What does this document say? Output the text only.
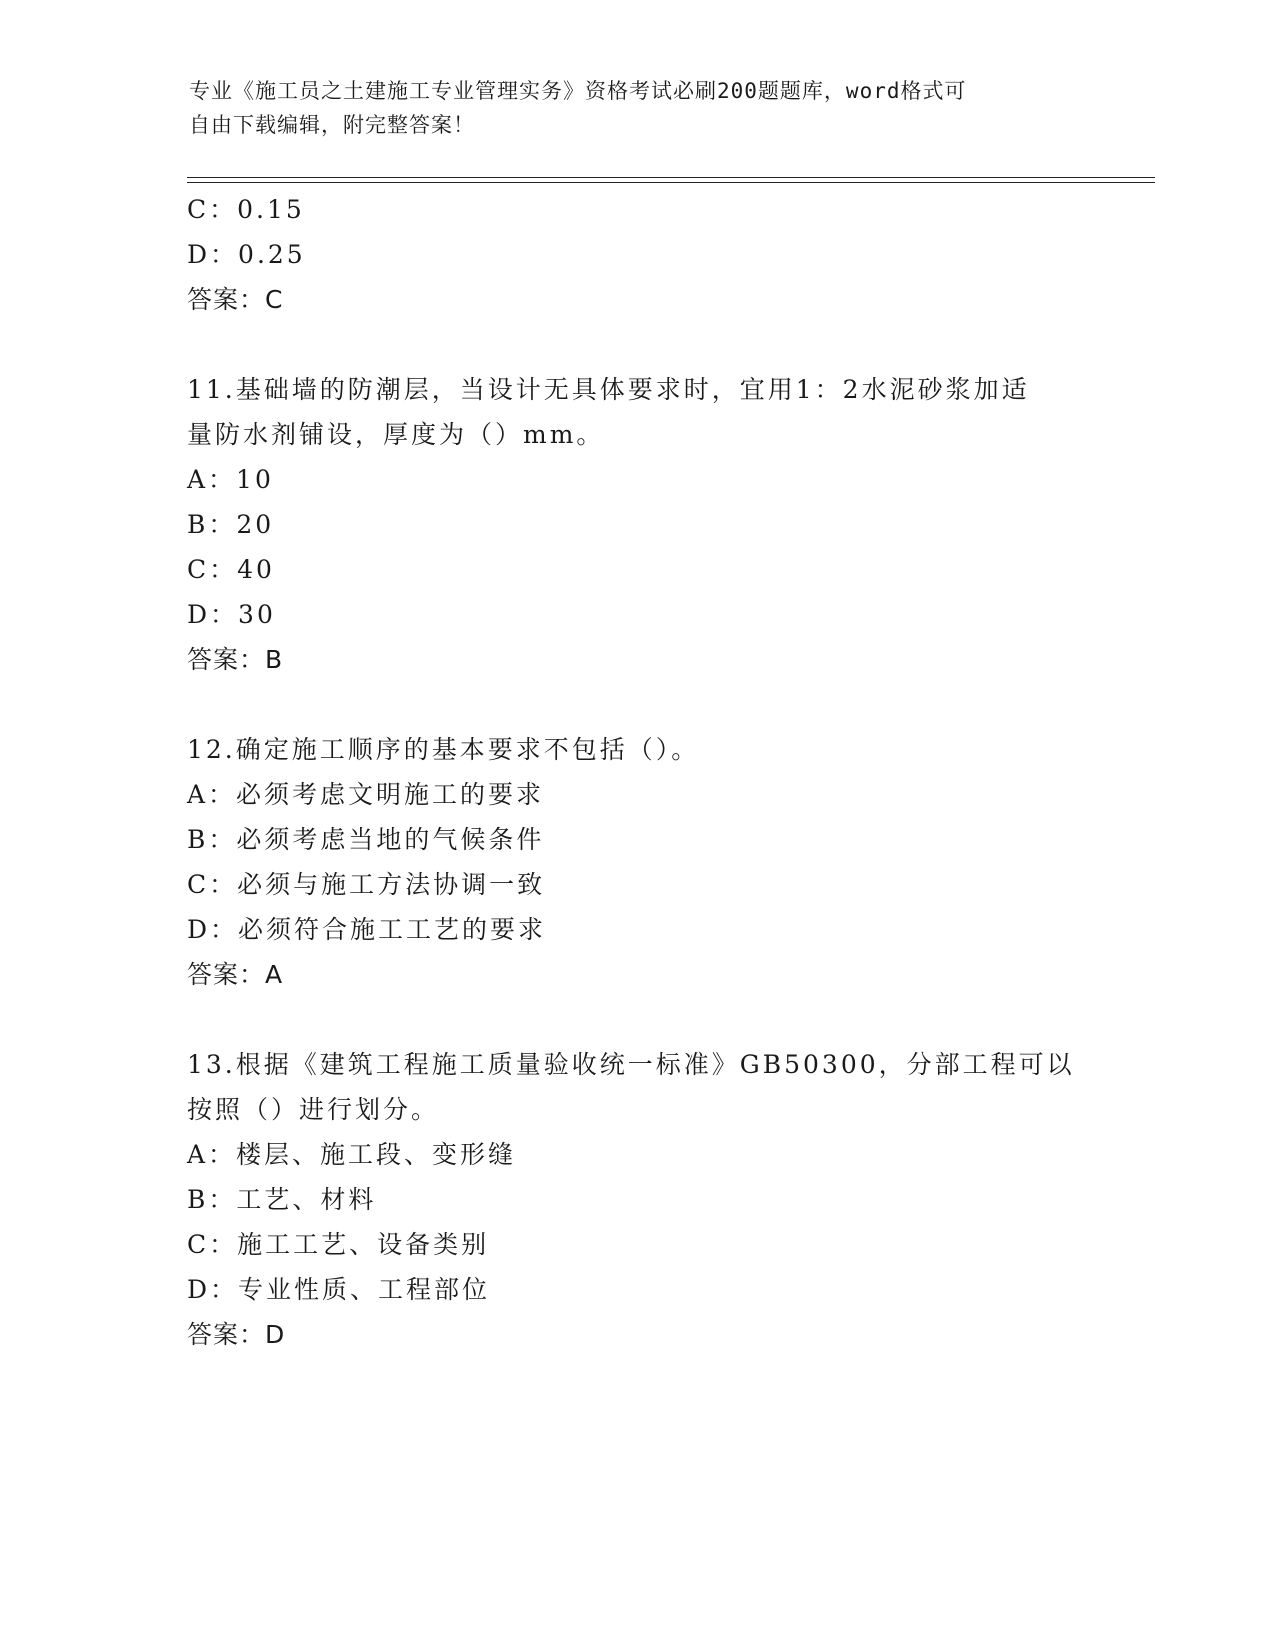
专业《施工员之土建施工专业管理实务》资格考试必刷200题题库，word格式可
自由下载编辑，附完整答案！
C：0.15
D：0.25
答案：C
11.基础墙的防潮层，当设计无具体要求时，宜用1：2水泥砂浆加适
量防水剂铺设，厚度为（）mm。
A：10
B：20
C：40
D：30
答案：B
12.确定施工顺序的基本要求不包括（）。
A：必须考虑文明施工的要求
B：必须考虑当地的气候条件
C：必须与施工方法协调一致
D：必须符合施工工艺的要求
答案：A
13.根据《建筑工程施工质量验收统一标准》GB50300，分部工程可以
按照（）进行划分。
A：楼层、施工段、变形缝
B：工艺、材料
C：施工工艺、设备类别
D：专业性质、工程部位
答案：D
